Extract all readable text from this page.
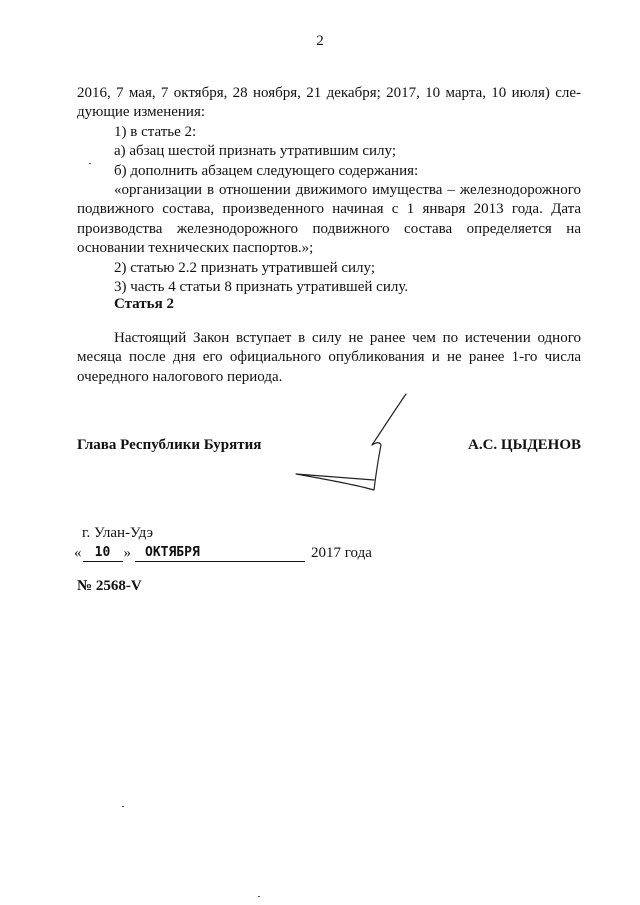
2

2016, 7 мая, 7 октября, 28 ноября, 21 декабря; 2017, 10 марта, 10 июля) сле-

дующие изменения:

1) в статье 2:

а) абзац шестой признать утратившим силу;

б) дополнить абзацем следующего содержания:

«организации в отношении движимого имущества – железнодорожного подвижного состава, произведенного начиная с 1 января 2013 года. Дата производства железнодорожного подвижного состава определяется на основании технических паспортов.»;

2) статью 2.2 признать утратившей силу;

3) часть 4 статьи 8 признать утратившей силу.

Статья 2

Настоящий Закон вступает в силу не ранее чем по истечении одного месяца после дня его официального опубликования и не ранее 1-го числа очередного налогового периода.

Глава Республики Бурятия	А.С. ЦЫДЕНОВ
г. Улан-Удэ
«	10 »	ОКТЯБРЯ	2017 года
№ 2568-V
